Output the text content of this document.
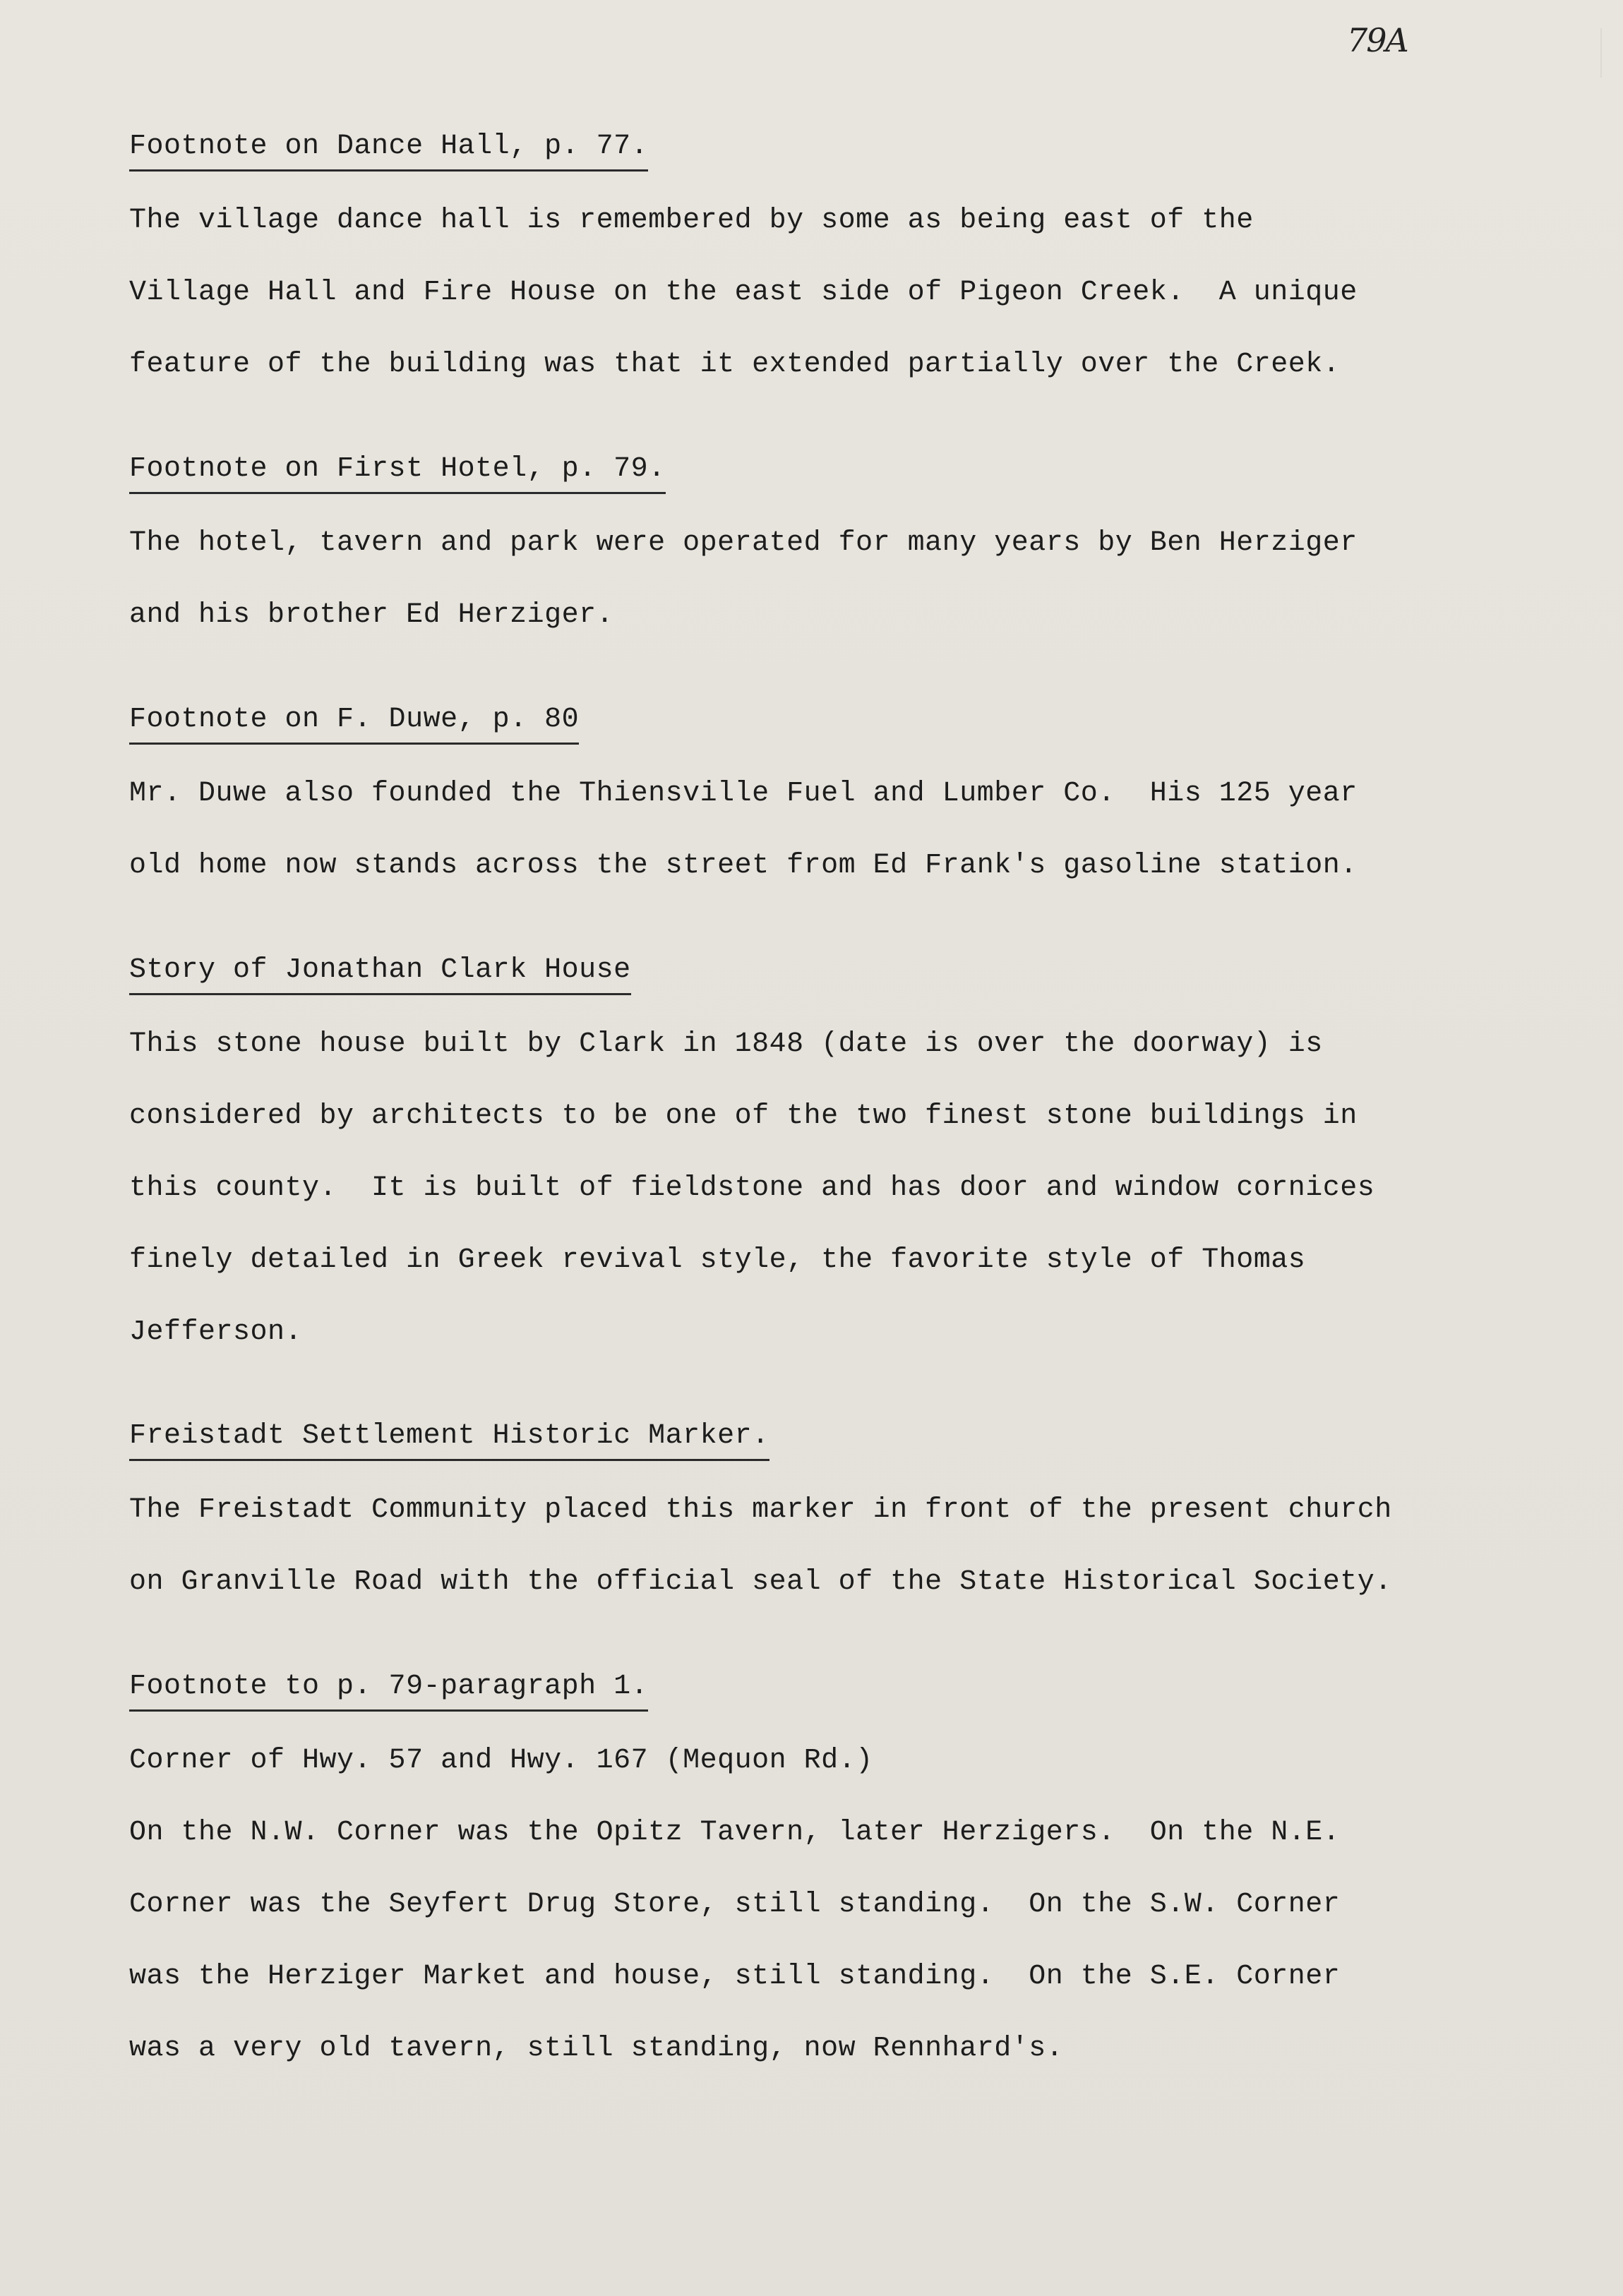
79A
Footnote on Dance Hall, p. 77.
The village dance hall is remembered by some as being east of the
Village Hall and Fire House on the east side of Pigeon Creek.  A unique
feature of the building was that it extended partially over the Creek.
Footnote on First Hotel, p. 79.
The hotel, tavern and park were operated for many years by Ben Herziger
and his brother Ed Herziger.
Footnote on F. Duwe, p. 80
Mr. Duwe also founded the Thiensville Fuel and Lumber Co.  His 125 year
old home now stands across the street from Ed Frank's gasoline station.
Story of Jonathan Clark House
This stone house built by Clark in 1848 (date is over the doorway) is
considered by architects to be one of the two finest stone buildings in
this county.  It is built of fieldstone and has door and window cornices
finely detailed in Greek revival style, the favorite style of Thomas
Jefferson.
Freistadt Settlement Historic Marker.
The Freistadt Community placed this marker in front of the present church
on Granville Road with the official seal of the State Historical Society.
Footnote to p. 79-paragraph 1.
Corner of Hwy. 57 and Hwy. 167 (Mequon Rd.)
On the N.W. Corner was the Opitz Tavern, later Herzigers.  On the N.E.
Corner was the Seyfert Drug Store, still standing.  On the S.W. Corner
was the Herziger Market and house, still standing.  On the S.E. Corner
was a very old tavern, still standing, now Rennhard's.
